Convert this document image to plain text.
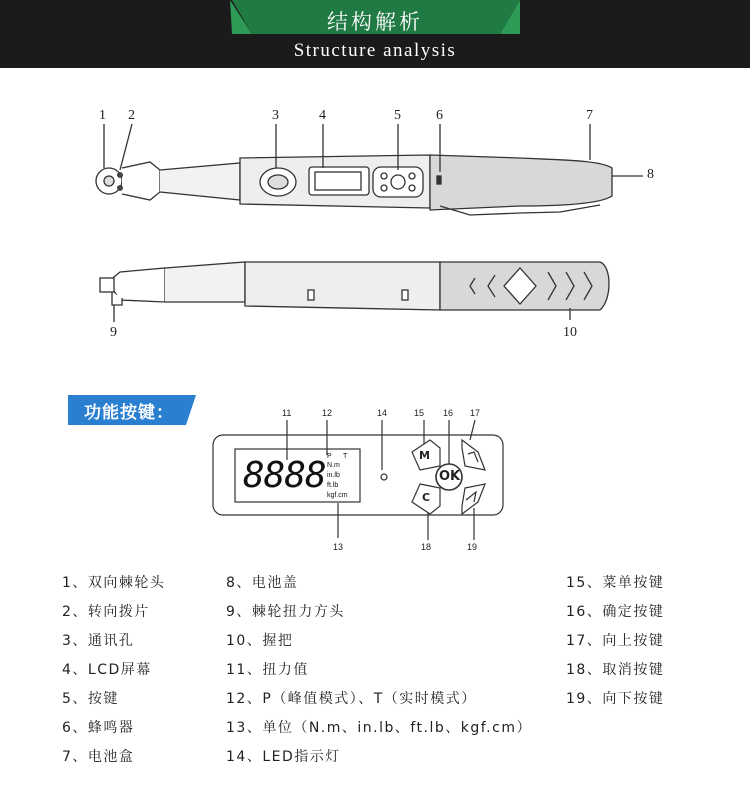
结构解析
Structure analysis
1 2	3	4	5	6	7
8
9	10
功能按键：	11	12	14	15 16 17
13	18	19
8888 P T
N.m
in.lb
ft.lb
kgf.cm
M
OK
C
1、双向棘轮头
2、转向拨片
3、通讯孔
4、LCD屏幕
5、按键
6、蜂鸣器
7、电池盒
8、电池盖
9、棘轮扭力方头
10、握把
11、扭力值
12、P（峰值模式）、T（实时模式）
13、单位（N.m、in.lb、ft.lb、kgf.cm）
14、LED指示灯
15、菜单按键
16、确定按键
17、向上按键
18、取消按键
19、向下按键
